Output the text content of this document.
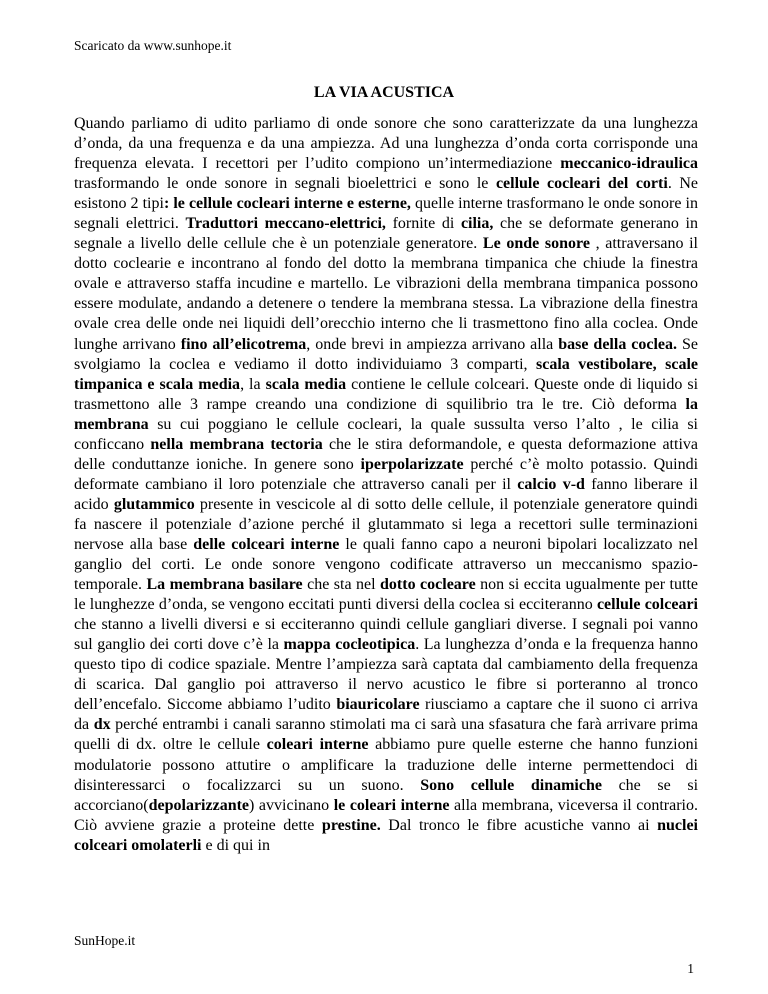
Scaricato da www.sunhope.it
LA VIA ACUSTICA
Quando parliamo di udito parliamo di onde sonore che sono caratterizzate da una lunghezza d’onda, da una frequenza e da una ampiezza. Ad una lunghezza d’onda corta corrisponde una frequenza elevata. I recettori per l’udito compiono un’intermediazione meccanico-idraulica trasformando le onde sonore in segnali bioelettrici e sono le cellule cocleari del corti. Ne esistono 2 tipi: le cellule cocleari interne e esterne, quelle interne trasformano le onde sonore in segnali elettrici. Traduttori meccano-elettrici, fornite di cilia, che se deformate generano in segnale a livello delle cellule che è un potenziale generatore. Le onde sonore , attraversano il dotto coclearie e incontrano al fondo del dotto la membrana timpanica che chiude la finestra ovale e attraverso staffa incudine e martello. Le vibrazioni della membrana timpanica possono essere modulate, andando a detenere o tendere la membrana stessa. La vibrazione della finestra ovale crea delle onde nei liquidi dell’orecchio interno che li trasmettono fino alla coclea. Onde lunghe arrivano fino all’elicotrema, onde brevi in ampiezza arrivano alla base della coclea. Se svolgiamo la coclea e vediamo il dotto individuiamo 3 comparti, scala vestibolare, scale timpanica e scala media, la scala media contiene le cellule colceari. Queste onde di liquido si trasmettono alle 3 rampe creando una condizione di squilibrio tra le tre. Ciò deforma la membrana su cui poggiano le cellule cocleari, la quale sussulta verso l’alto , le cilia si conficcano nella membrana tectoria che le stira deformandole, e questa deformazione attiva delle conduttanze ioniche. In genere sono iperpolarizzate perché c’è molto potassio. Quindi deformate cambiano il loro potenziale che attraverso canali per il calcio v-d fanno liberare il acido glutammico presente in vescicole al di sotto delle cellule, il potenziale generatore quindi fa nascere il potenziale d’azione perché il glutammato si lega a recettori sulle terminazioni nervose alla base delle colceari interne le quali fanno capo a neuroni bipolari localizzato nel ganglio del corti. Le onde sonore vengono codificate attraverso un meccanismo spazio-temporale. La membrana basilare che sta nel dotto cocleare non si eccita ugualmente per tutte le lunghezze d’onda, se vengono eccitati punti diversi della coclea si ecciteranno cellule colceari che stanno a livelli diversi e si ecciteranno quindi cellule gangliari diverse. I segnali poi vanno sul ganglio dei corti dove c’è la mappa cocleotipica. La lunghezza d’onda e la frequenza hanno questo tipo di codice spaziale. Mentre l’ampiezza sarà captata dal cambiamento della frequenza di scarica. Dal ganglio poi attraverso il nervo acustico le fibre si porteranno al tronco dell’encefalo. Siccome abbiamo l’udito biauricolare riusciamo a captare che il suono ci arriva da dx perché entrambi i canali saranno stimolati ma ci sarà una sfasatura che farà arrivare prima quelli di dx. oltre le cellule coleari interne abbiamo pure quelle esterne che hanno funzioni modulatorie possono attutire o amplificare la traduzione delle interne permettendoci di disinteressarci o focalizzarci su un suono. Sono cellule dinamiche che se si accorciano(depolarizzante) avvicinano le coleari interne alla membrana, viceversa il contrario. Ciò avviene grazie a proteine dette prestine. Dal tronco le fibre acustiche vanno ai nuclei colceari omolaterli e di qui in
SunHope.it
1
